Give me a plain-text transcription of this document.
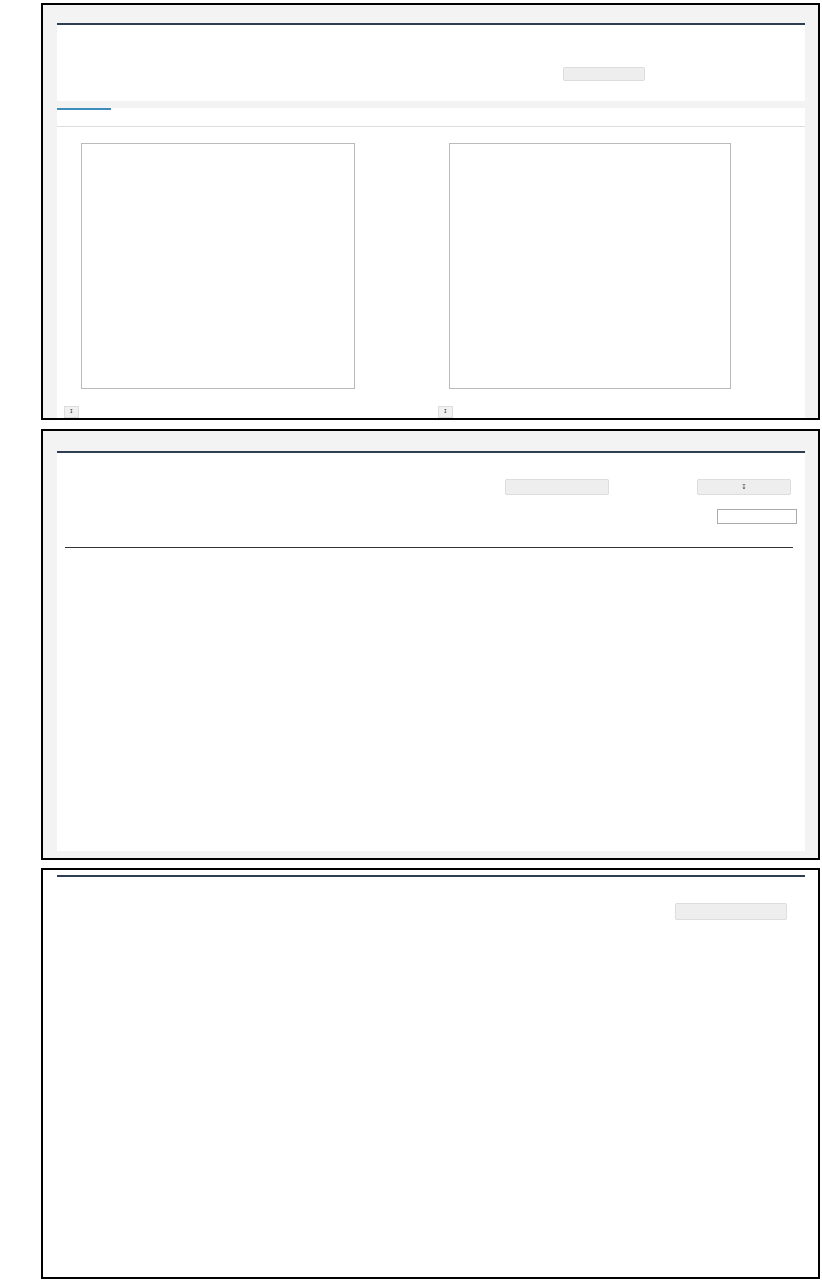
↧	↧
↧
